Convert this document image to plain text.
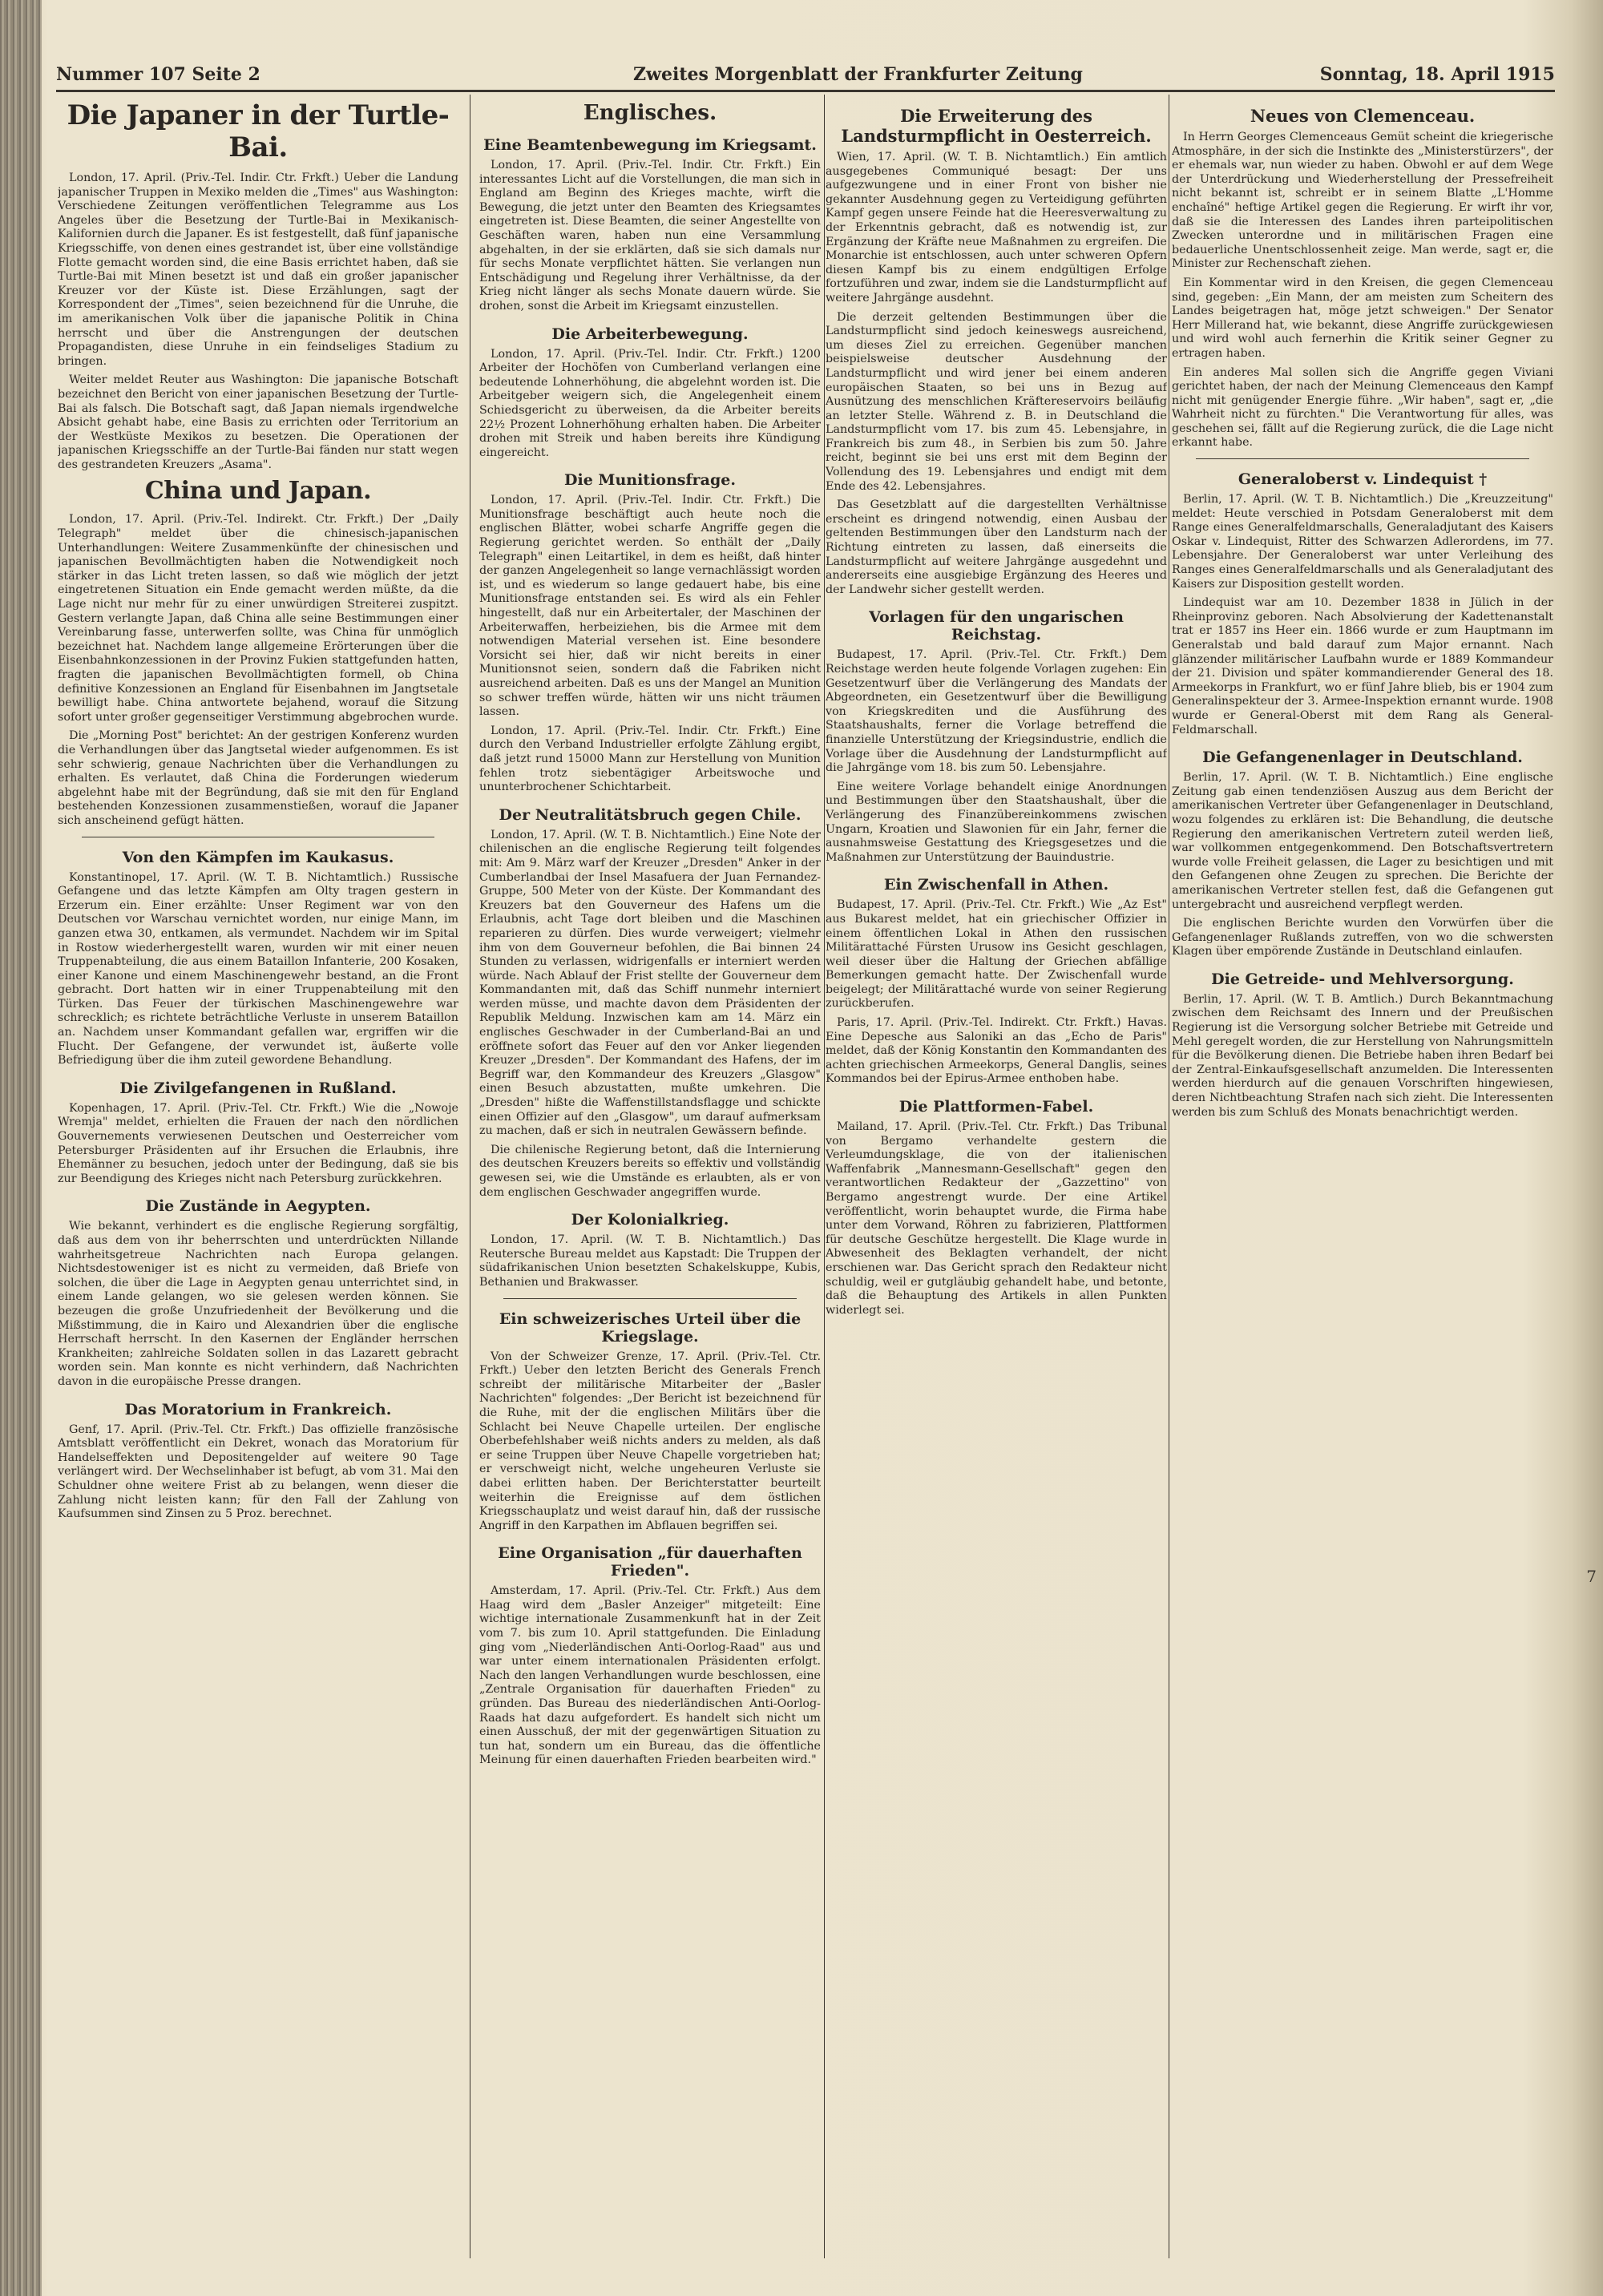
Nummer 107 Seite 2	Zweites Morgenblatt der Frankfurter Zeitung	Sonntag, 18. April 1915
Die Japaner in der Turtle-Bai.

London, 17. April. (Priv.-Tel. Indir. Ctr. Frkft.) Ueber die Landung japanischer Truppen in Mexiko melden die „Times" aus Washington: Verschiedene Zeitungen veröffentlichen Telegramme aus Los Angeles über die Besetzung der Turtle-Bai in Mexikanisch-Kalifornien durch die Japaner. Es ist festgestellt, daß fünf japanische Kriegsschiffe, von denen eines gestrandet ist, über eine vollständige Flotte gemacht worden sind, die eine Basis errichtet haben, daß sie Turtle-Bai mit Minen besetzt ist und daß ein großer japanischer Kreuzer vor der Küste ist. Diese Erzählungen, sagt der Korrespondent der „Times", seien bezeichnend für die Unruhe, die im amerikanischen Volk über die japanische Politik in China herrscht und über die Anstrengungen der deutschen Propagandisten, diese Unruhe in ein feindseliges Stadium zu bringen.

Weiter meldet Reuter aus Washington: Die japanische Botschaft bezeichnet den Bericht von einer japanischen Besetzung der Turtle-Bai als falsch. Die Botschaft sagt, daß Japan niemals irgendwelche Absicht gehabt habe, eine Basis zu errichten oder Territorium an der Westküste Mexikos zu besetzen. Die Operationen der japanischen Kriegsschiffe an der Turtle-Bai fänden nur statt wegen des gestrandeten Kreuzers „Asama".

China und Japan.

London, 17. April. (Priv.-Tel. Indirekt. Ctr. Frkft.) Der „Daily Telegraph" meldet über die chinesisch-japanischen Unterhandlungen: Weitere Zusammenkünfte der chinesischen und japanischen Bevollmächtigten haben die Notwendigkeit noch stärker in das Licht treten lassen, so daß wie möglich der jetzt eingetretenen Situation ein Ende gemacht werden müßte, da die Lage nicht nur mehr für zu einer unwürdigen Streiterei zuspitzt. Gestern verlangte Japan, daß China alle seine Bestimmungen einer Vereinbarung fasse, unterwerfen sollte, was China für unmöglich bezeichnet hat. Nachdem lange allgemeine Erörterungen über die Eisenbahnkonzessionen in der Provinz Fukien stattgefunden hatten, fragten die japanischen Bevollmächtigten formell, ob China definitive Konzessionen an England für Eisenbahnen im Jangtsetale bewilligt habe. China antwortete bejahend, worauf die Sitzung sofort unter großer gegenseitiger Verstimmung abgebrochen wurde.

Die „Morning Post" berichtet: An der gestrigen Konferenz wurden die Verhandlungen über das Jangtsetal wieder aufgenommen. Es ist sehr schwierig, genaue Nachrichten über die Verhandlungen zu erhalten. Es verlautet, daß China die Forderungen wiederum abgelehnt habe mit der Begründung, daß sie mit den für England bestehenden Konzessionen zusammenstießen, worauf die Japaner sich anscheinend gefügt hätten.

Von den Kämpfen im Kaukasus.

Konstantinopel, 17. April. (W. T. B. Nichtamtlich.) Russische Gefangene und das letzte Kämpfen am Olty tragen gestern in Erzerum ein. Einer erzählte: Unser Regiment war von den Deutschen vor Warschau vernichtet worden, nur einige Mann, im ganzen etwa 30, entkamen, als vermundet. Nachdem wir im Spital in Rostow wiederhergestellt waren, wurden wir mit einer neuen Truppenabteilung, die aus einem Bataillon Infanterie, 200 Kosaken, einer Kanone und einem Maschinengewehr bestand, an die Front gebracht. Dort hatten wir in einer Truppenabteilung mit den Türken. Das Feuer der türkischen Maschinengewehre war schrecklich; es richtete beträchtliche Verluste in unserem Bataillon an. Nachdem unser Kommandant gefallen war, ergriffen wir die Flucht. Der Gefangene, der verwundet ist, äußerte volle Befriedigung über die ihm zuteil gewordene Behandlung.

Die Zivilgefangenen in Rußland.

Kopenhagen, 17. April. (Priv.-Tel. Ctr. Frkft.) Wie die „Nowoje Wremja" meldet, erhielten die Frauen der nach den nördlichen Gouvernements verwiesenen Deutschen und Oesterreicher vom Petersburger Präsidenten auf ihr Ersuchen die Erlaubnis, ihre Ehemänner zu besuchen, jedoch unter der Bedingung, daß sie bis zur Beendigung des Krieges nicht nach Petersburg zurückkehren.

Die Zustände in Aegypten.

Wie bekannt, verhindert es die englische Regierung sorgfältig, daß aus dem von ihr beherrschten und unterdrückten Nillande wahrheitsgetreue Nachrichten nach Europa gelangen. Nichtsdestoweniger ist es nicht zu vermeiden, daß Briefe von solchen, die über die Lage in Aegypten genau unterrichtet sind, in einem Lande gelangen, wo sie gelesen werden können. Sie bezeugen die große Unzufriedenheit der Bevölkerung und die Mißstimmung, die in Kairo und Alexandrien über die englische Herrschaft herrscht. In den Kasernen der Engländer herrschen Krankheiten; zahlreiche Soldaten sollen in das Lazarett gebracht worden sein. Man konnte es nicht verhindern, daß Nachrichten davon in die europäische Presse drangen.

Das Moratorium in Frankreich.

Genf, 17. April. (Priv.-Tel. Ctr. Frkft.) Das offizielle französische Amtsblatt veröffentlicht ein Dekret, wonach das Moratorium für Handelseffekten und Depositengelder auf weitere 90 Tage verlängert wird. Der Wechselinhaber ist befugt, ab vom 31. Mai den Schuldner ohne weitere Frist ab zu belangen, wenn dieser die Zahlung nicht leisten kann; für den Fall der Zahlung von Kaufsummen sind Zinsen zu 5 Proz. berechnet.

Englisches.
Eine Beamtenbewegung im Kriegsamt.

London, 17. April. (Priv.-Tel. Indir. Ctr. Frkft.) Ein interessantes Licht auf die Vorstellungen, die man sich in England am Beginn des Krieges machte, wirft die Bewegung, die jetzt unter den Beamten des Kriegsamtes eingetreten ist. Diese Beamten, die seiner Angestellte von Geschäften waren, haben nun eine Versammlung abgehalten, in der sie erklärten, daß sie sich damals nur für sechs Monate verpflichtet hätten. Sie verlangen nun Entschädigung und Regelung ihrer Verhältnisse, da der Krieg nicht länger als sechs Monate dauern würde. Sie drohen, sonst die Arbeit im Kriegsamt einzustellen.

Die Arbeiterbewegung.

London, 17. April. (Priv.-Tel. Indir. Ctr. Frkft.) 1200 Arbeiter der Hochöfen von Cumberland verlangen eine bedeutende Lohnerhöhung, die abgelehnt worden ist. Die Arbeitgeber weigern sich, die Angelegenheit einem Schiedsgericht zu überweisen, da die Arbeiter bereits 22½ Prozent Lohnerhöhung erhalten haben. Die Arbeiter drohen mit Streik und haben bereits ihre Kündigung eingereicht.

Die Munitionsfrage.

London, 17. April. (Priv.-Tel. Indir. Ctr. Frkft.) Die Munitionsfrage beschäftigt auch heute noch die englischen Blätter, wobei scharfe Angriffe gegen die Regierung gerichtet werden. So enthält der „Daily Telegraph" einen Leitartikel, in dem es heißt, daß hinter der ganzen Angelegenheit so lange vernachlässigt worden ist, und es wiederum so lange gedauert habe, bis eine Munitionsfrage entstanden sei. Es wird als ein Fehler hingestellt, daß nur ein Arbeitertaler, der Maschinen der Arbeiterwaffen, herbeiziehen, bis die Armee mit dem notwendigen Material versehen ist. Eine besondere Vorsicht sei hier, daß wir nicht bereits in einer Munitionsnot seien, sondern daß die Fabriken nicht ausreichend arbeiten. Daß es uns der Mangel an Munition so schwer treffen würde, hätten wir uns nicht träumen lassen.

London, 17. April. (Priv.-Tel. Indir. Ctr. Frkft.) Eine durch den Verband Industrieller erfolgte Zählung ergibt, daß jetzt rund 15000 Mann zur Herstellung von Munition fehlen trotz siebentägiger Arbeitswoche und ununterbrochener Schichtarbeit.

Der Neutralitätsbruch gegen Chile.

London, 17. April. (W. T. B. Nichtamtlich.) Eine Note der chilenischen an die englische Regierung teilt folgendes mit: Am 9. März warf der Kreuzer „Dresden" Anker in der Cumberlandbai der Insel Masafuera der Juan Fernandez-Gruppe, 500 Meter von der Küste. Der Kommandant des Kreuzers bat den Gouverneur des Hafens um die Erlaubnis, acht Tage dort bleiben und die Maschinen reparieren zu dürfen. Dies wurde verweigert; vielmehr ihm von dem Gouverneur befohlen, die Bai binnen 24 Stunden zu verlassen, widrigenfalls er interniert werden würde. Nach Ablauf der Frist stellte der Gouverneur dem Kommandanten mit, daß das Schiff nunmehr interniert werden müsse, und machte davon dem Präsidenten der Republik Meldung. Inzwischen kam am 14. März ein englisches Geschwader in der Cumberland-Bai an und eröffnete sofort das Feuer auf den vor Anker liegenden Kreuzer „Dresden". Der Kommandant des Hafens, der im Begriff war, den Kommandeur des Kreuzers „Glasgow" einen Besuch abzustatten, mußte umkehren. Die „Dresden" hißte die Waffenstillstandsflagge und schickte einen Offizier auf den „Glasgow", um darauf aufmerksam zu machen, daß er sich in neutralen Gewässern befinde.

Die chilenische Regierung betont, daß die Internierung des deutschen Kreuzers bereits so effektiv und vollständig gewesen sei, wie die Umstände es erlaubten, als er von dem englischen Geschwader angegriffen wurde.

Der Kolonialkrieg.

London, 17. April. (W. T. B. Nichtamtlich.) Das Reutersche Bureau meldet aus Kapstadt: Die Truppen der südafrikanischen Union besetzten Schakelskuppe, Kubis, Bethanien und Brakwasser.

Ein schweizerisches Urteil über die Kriegslage.

Von der Schweizer Grenze, 17. April. (Priv.-Tel. Ctr. Frkft.) Ueber den letzten Bericht des Generals French schreibt der militärische Mitarbeiter der „Basler Nachrichten" folgendes: „Der Bericht ist bezeichnend für die Ruhe, mit der die englischen Militärs über die Schlacht bei Neuve Chapelle urteilen. Der englische Oberbefehlshaber weiß nichts anders zu melden, als daß er seine Truppen über Neuve Chapelle vorgetrieben hat; er verschweigt nicht, welche ungeheuren Verluste sie dabei erlitten haben. Der Berichterstatter beurteilt weiterhin die Ereignisse auf dem östlichen Kriegsschauplatz und weist darauf hin, daß der russische Angriff in den Karpathen im Abflauen begriffen sei.

Eine Organisation „für dauerhaften Frieden".

Amsterdam, 17. April. (Priv.-Tel. Ctr. Frkft.) Aus dem Haag wird dem „Basler Anzeiger" mitgeteilt: Eine wichtige internationale Zusammenkunft hat in der Zeit vom 7. bis zum 10. April stattgefunden. Die Einladung ging vom „Niederländischen Anti-Oorlog-Raad" aus und war unter einem internationalen Präsidenten erfolgt. Nach den langen Verhandlungen wurde beschlossen, eine „Zentrale Organisation für dauerhaften Frieden" zu gründen. Das Bureau des niederländischen Anti-Oorlog-Raads hat dazu aufgefordert. Es handelt sich nicht um einen Ausschuß, der mit der gegenwärtigen Situation zu tun hat, sondern um ein Bureau, das die öffentliche Meinung für einen dauerhaften Frieden bearbeiten wird."

Die Erweiterung des Landsturmpflicht in Oesterreich.

Wien, 17. April. (W. T. B. Nichtamtlich.) Ein amtlich ausgegebenes Communiqué besagt: Der uns aufgezwungene und in einer Front von bisher nie gekannter Ausdehnung gegen zu Verteidigung geführten Kampf gegen unsere Feinde hat die Heeresverwaltung zu der Erkenntnis gebracht, daß es notwendig ist, zur Ergänzung der Kräfte neue Maßnahmen zu ergreifen. Die Monarchie ist entschlossen, auch unter schweren Opfern diesen Kampf bis zu einem endgültigen Erfolge fortzuführen und zwar, indem sie die Landsturmpflicht auf weitere Jahrgänge ausdehnt.

Die derzeit geltenden Bestimmungen über die Landsturmpflicht sind jedoch keineswegs ausreichend, um dieses Ziel zu erreichen. Gegenüber manchen beispielsweise deutscher Ausdehnung der Landsturmpflicht und wird jener bei einem anderen europäischen Staaten, so bei uns in Bezug auf Ausnützung des menschlichen Kräftereservoirs beiläufig an letzter Stelle. Während z. B. in Deutschland die Landsturmpflicht vom 17. bis zum 45. Lebensjahre, in Frankreich bis zum 48., in Serbien bis zum 50. Jahre reicht, beginnt sie bei uns erst mit dem Beginn der Vollendung des 19. Lebensjahres und endigt mit dem Ende des 42. Lebensjahres.

Das Gesetzblatt auf die dargestellten Verhältnisse erscheint es dringend notwendig, einen Ausbau der geltenden Bestimmungen über den Landsturm nach der Richtung eintreten zu lassen, daß einerseits die Landsturmpflicht auf weitere Jahrgänge ausgedehnt und andererseits eine ausgiebige Ergänzung des Heeres und der Landwehr sicher gestellt werden.

Vorlagen für den ungarischen Reichstag.

Budapest, 17. April. (Priv.-Tel. Ctr. Frkft.) Dem Reichstage werden heute folgende Vorlagen zugehen: Ein Gesetzentwurf über die Verlängerung des Mandats der Abgeordneten, ein Gesetzentwurf über die Bewilligung von Kriegskrediten und die Ausführung des Staatshaushalts, ferner die Vorlage betreffend die finanzielle Unterstützung der Kriegsindustrie, endlich die Vorlage über die Ausdehnung der Landsturmpflicht auf die Jahrgänge vom 18. bis zum 50. Lebensjahre.

Eine weitere Vorlage behandelt einige Anordnungen und Bestimmungen über den Staatshaushalt, über die Verlängerung des Finanzübereinkommens zwischen Ungarn, Kroatien und Slawonien für ein Jahr, ferner die ausnahmsweise Gestattung des Kriegsgesetzes und die Maßnahmen zur Unterstützung der Bauindustrie.

Ein Zwischenfall in Athen.

Budapest, 17. April. (Priv.-Tel. Ctr. Frkft.) Wie „Az Est" aus Bukarest meldet, hat ein griechischer Offizier in einem öffentlichen Lokal in Athen den russischen Militärattaché Fürsten Urusow ins Gesicht geschlagen, weil dieser über die Haltung der Griechen abfällige Bemerkungen gemacht hatte. Der Zwischenfall wurde beigelegt; der Militärattaché wurde von seiner Regierung zurückberufen.

Paris, 17. April. (Priv.-Tel. Indirekt. Ctr. Frkft.) Havas. Eine Depesche aus Saloniki an das „Echo de Paris" meldet, daß der König Konstantin den Kommandanten des achten griechischen Armeekorps, General Danglis, seines Kommandos bei der Epirus-Armee enthoben habe.

Die Plattformen-Fabel.

Mailand, 17. April. (Priv.-Tel. Ctr. Frkft.) Das Tribunal von Bergamo verhandelte gestern die Verleumdungsklage, die von der italienischen Waffenfabrik „Mannesmann-Gesellschaft" gegen den verantwortlichen Redakteur der „Gazzettino" von Bergamo angestrengt wurde. Der eine Artikel veröffentlicht, worin behauptet wurde, die Firma habe unter dem Vorwand, Röhren zu fabrizieren, Plattformen für deutsche Geschütze hergestellt. Die Klage wurde in Abwesenheit des Beklagten verhandelt, der nicht erschienen war. Das Gericht sprach den Redakteur nicht schuldig, weil er gutgläubig gehandelt habe, und betonte, daß die Behauptung des Artikels in allen Punkten widerlegt sei.

Neues von Clemenceau.

In Herrn Georges Clemenceaus Gemüt scheint die kriegerische Atmosphäre, in der sich die Instinkte des „Ministerstürzers", der er ehemals war, nun wieder zu haben. Obwohl er auf dem Wege der Unterdrückung und Wiederherstellung der Pressefreiheit nicht bekannt ist, schreibt er in seinem Blatte „L'Homme enchaîné" heftige Artikel gegen die Regierung. Er wirft ihr vor, daß sie die Interessen des Landes ihren parteipolitischen Zwecken unterordne und in militärischen Fragen eine bedauerliche Unentschlossenheit zeige. Man werde, sagt er, die Minister zur Rechenschaft ziehen.

Ein Kommentar wird in den Kreisen, die gegen Clemenceau sind, gegeben: „Ein Mann, der am meisten zum Scheitern des Landes beigetragen hat, möge jetzt schweigen." Der Senator Herr Millerand hat, wie bekannt, diese Angriffe zurückgewiesen und wird wohl auch fernerhin die Kritik seiner Gegner zu ertragen haben.

Ein anderes Mal sollen sich die Angriffe gegen Viviani gerichtet haben, der nach der Meinung Clemenceaus den Kampf nicht mit genügender Energie führe. „Wir haben", sagt er, „die Wahrheit nicht zu fürchten." Die Verantwortung für alles, was geschehen sei, fällt auf die Regierung zurück, die die Lage nicht erkannt habe.

Generaloberst v. Lindequist †

Berlin, 17. April. (W. T. B. Nichtamtlich.) Die „Kreuzzeitung" meldet: Heute verschied in Potsdam Generaloberst mit dem Range eines Generalfeldmarschalls, Generaladjutant des Kaisers Oskar v. Lindequist, Ritter des Schwarzen Adlerordens, im 77. Lebensjahre. Der Generaloberst war unter Verleihung des Ranges eines Generalfeldmarschalls und als Generaladjutant des Kaisers zur Disposition gestellt worden.

Lindequist war am 10. Dezember 1838 in Jülich in der Rheinprovinz geboren. Nach Absolvierung der Kadettenanstalt trat er 1857 ins Heer ein. 1866 wurde er zum Hauptmann im Generalstab und bald darauf zum Major ernannt. Nach glänzender militärischer Laufbahn wurde er 1889 Kommandeur der 21. Division und später kommandierender General des 18. Armeekorps in Frankfurt, wo er fünf Jahre blieb, bis er 1904 zum Generalinspekteur der 3. Armee-Inspektion ernannt wurde. 1908 wurde er General-Oberst mit dem Rang als General-Feldmarschall.

Die Gefangenenlager in Deutschland.

Berlin, 17. April. (W. T. B. Nichtamtlich.) Eine englische Zeitung gab einen tendenziösen Auszug aus dem Bericht der amerikanischen Vertreter über Gefangenenlager in Deutschland, wozu folgendes zu erklären ist: Die Behandlung, die deutsche Regierung den amerikanischen Vertretern zuteil werden ließ, war vollkommen entgegenkommend. Den Botschaftsvertretern wurde volle Freiheit gelassen, die Lager zu besichtigen und mit den Gefangenen ohne Zeugen zu sprechen. Die Berichte der amerikanischen Vertreter stellen fest, daß die Gefangenen gut untergebracht und ausreichend verpflegt werden.

Die englischen Berichte wurden den Vorwürfen über die Gefangenenlager Rußlands zutreffen, von wo die schwersten Klagen über empörende Zustände in Deutschland einlaufen.

Die Getreide- und Mehlversorgung.

Berlin, 17. April. (W. T. B. Amtlich.) Durch Bekanntmachung zwischen dem Reichsamt des Innern und der Preußischen Regierung ist die Versorgung solcher Betriebe mit Getreide und Mehl geregelt worden, die zur Herstellung von Nahrungsmitteln für die Bevölkerung dienen. Die Betriebe haben ihren Bedarf bei der Zentral-Einkaufsgesellschaft anzumelden. Die Interessenten werden hierdurch auf die genauen Vorschriften hingewiesen, deren Nichtbeachtung Strafen nach sich zieht. Die Interessenten werden bis zum Schluß des Monats benachrichtigt werden.

7
